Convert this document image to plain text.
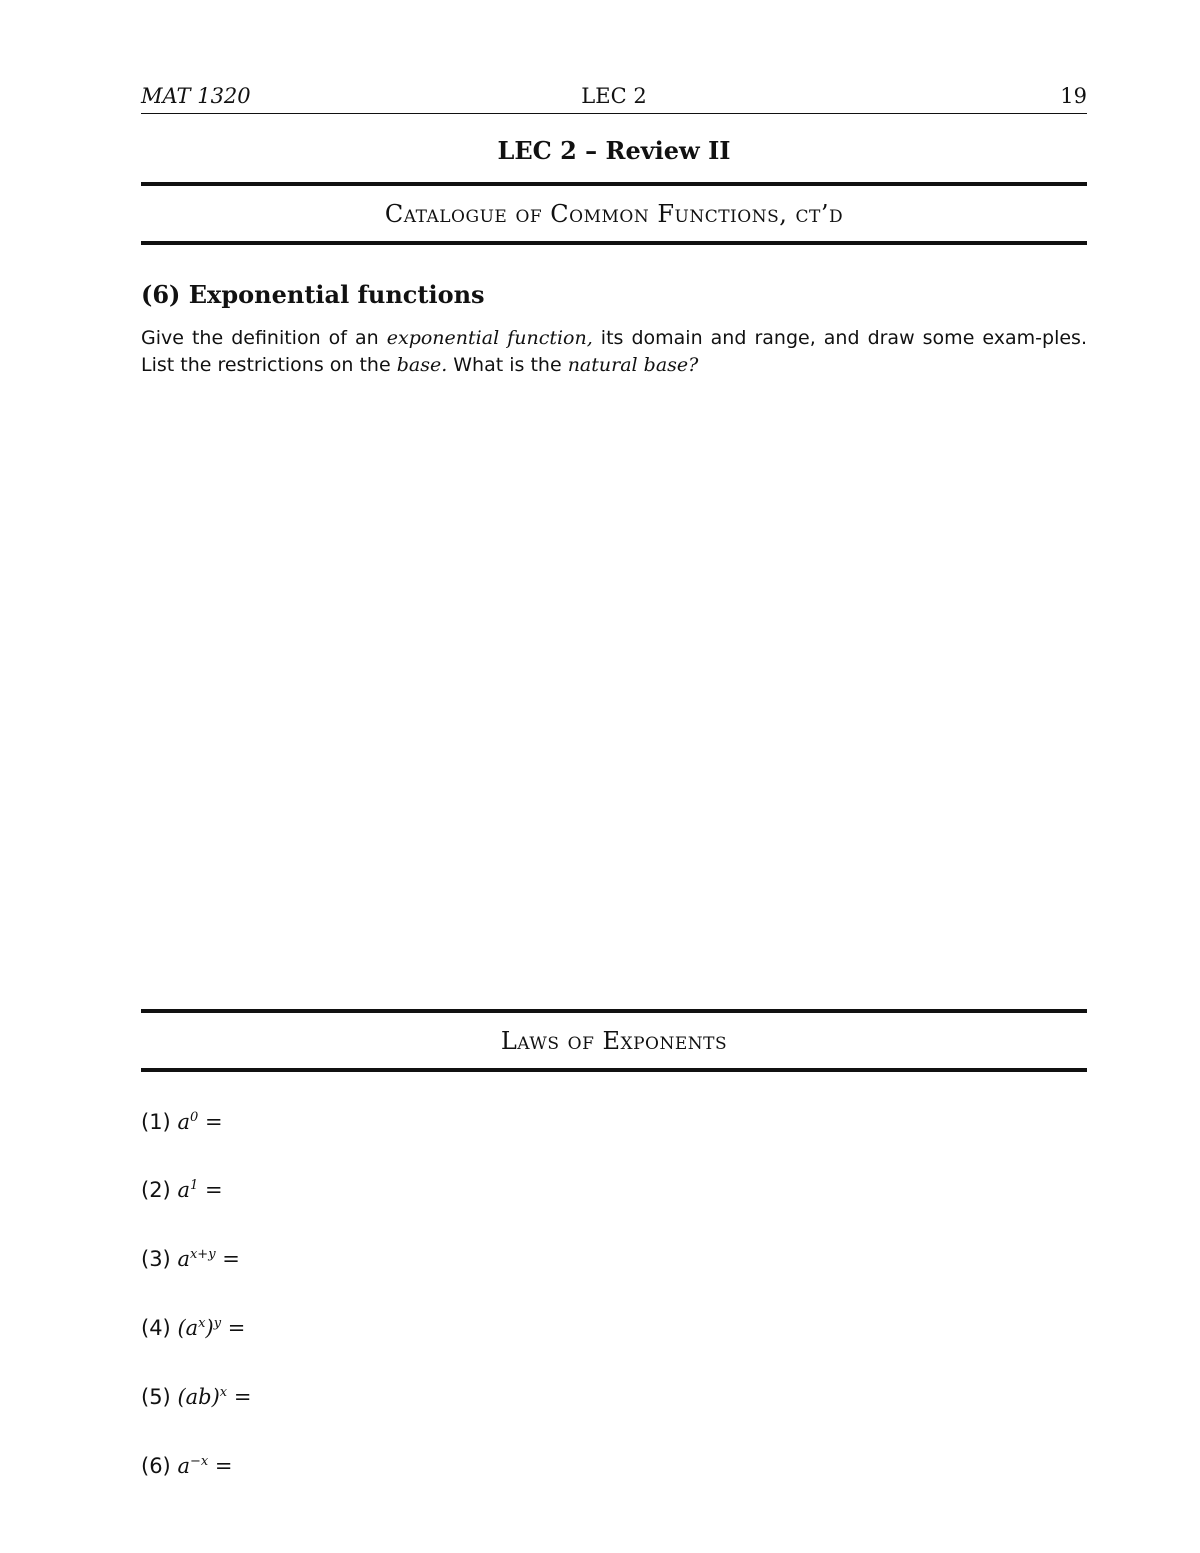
MAT 1320	LEC 2	19
LEC 2 – Review II
Catalogue of Common Functions, ct’d
(6) Exponential functions
Give the definition of an exponential function, its domain and range, and draw some exam-ples. List the restrictions on the base. What is the natural base?
Laws of Exponents
(1) $a^0$ =
(2) $a^1$ =
(3) $a^{x+y}$ =
(4) $(a^x)^y$ =
(5) (ab)$^x$ =
(6) $a^{-x}$ =
